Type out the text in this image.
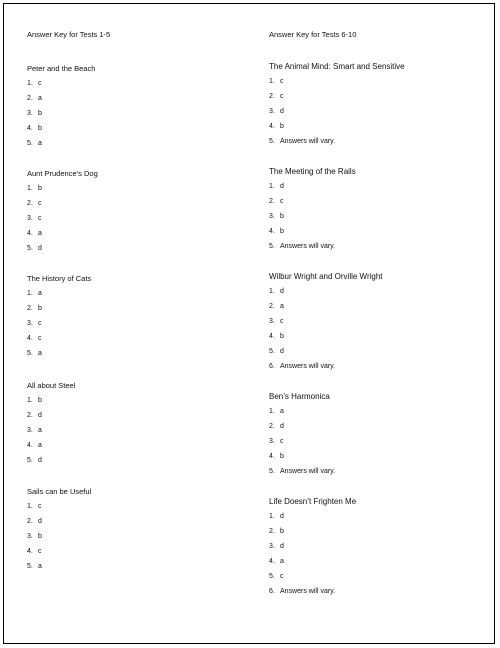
Answer Key for Tests 1-5
Peter and the Beach
1. c
2. a
3. b
4. b
5. a
Aunt Prudence’s Dog
1. b
2. c
3. c
4. a
5. d
The History of Cats
1. a
2. b
3. c
4. c
5. a
All about Steel
1. b
2. d
3. a
4. a
5. d
Sails can be Useful
1. c
2. d
3. b
4. c
5. a
Answer Key for Tests 6-10
The Animal Mind: Smart and Sensitive
1. c
2. c
3. d
4. b
5. Answers will vary.
The Meeting of the Rails
1. d
2. c
3. b
4. b
5. Answers will vary.
Wilbur Wright and Orville Wright
1. d
2. a
3. c
4. b
5. d
6. Answers will vary.
Ben’s Harmonica
1. a
2. d
3. c
4. b
5. Answers will vary.
Life Doesn’t Frighten Me
1. d
2. b
3. d
4. a
5. c
6. Answers will vary.
